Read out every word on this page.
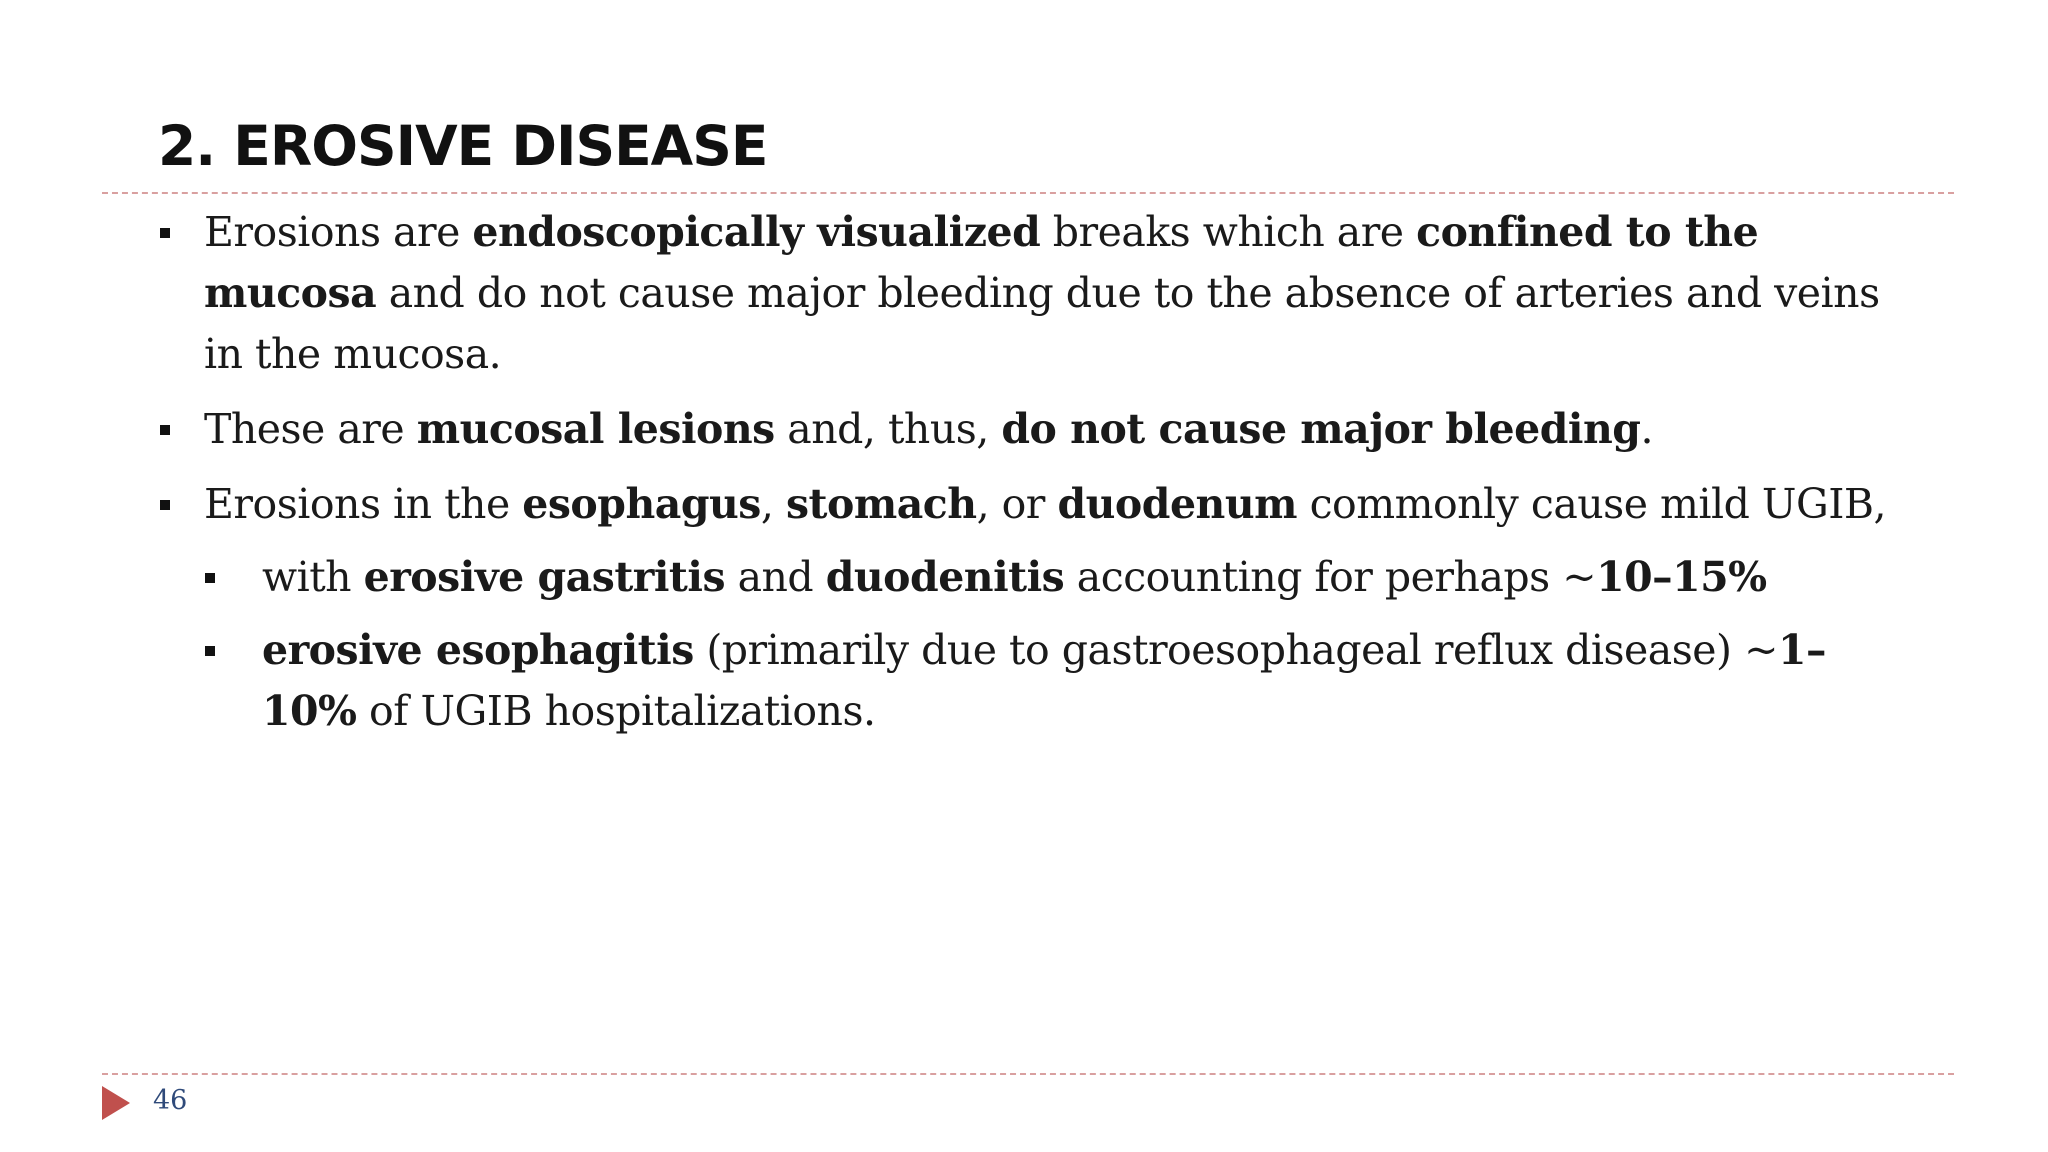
2. EROSIVE DISEASE

Erosions are endoscopically visualized breaks which are confined to the mucosa and do not cause major bleeding due to the absence of arteries and veins in the mucosa.

These are mucosal lesions and, thus, do not cause major bleeding.

Erosions in the esophagus, stomach, or duodenum commonly cause mild UGIB,

with erosive gastritis and duodenitis accounting for perhaps ~10–15%

erosive esophagitis (primarily due to gastroesophageal reflux disease) ~1–10% of UGIB hospitalizations.

46
